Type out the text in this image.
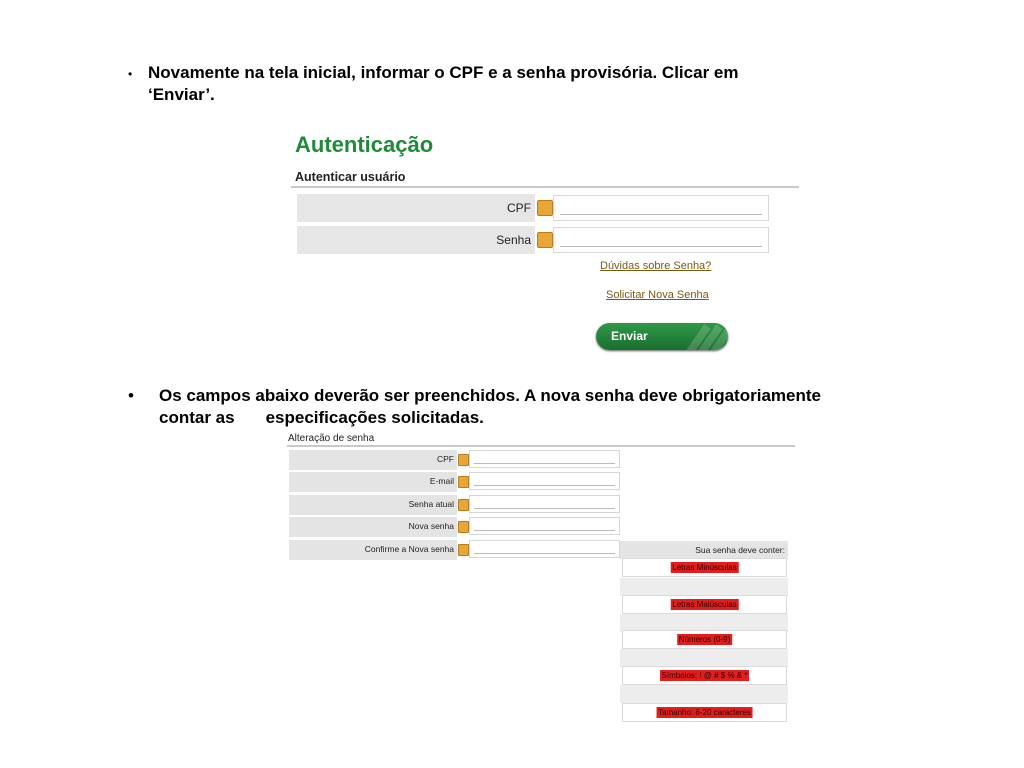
• Novamente na tela inicial, informar o CPF e a senha provisória. Clicar em
‘Enviar’.
Autenticação
Autenticar usuário
CPF
Senha
Dúvidas sobre Senha?
Solicitar Nova Senha
Enviar
• Os campos abaixo deverão ser preenchidos. A nova senha deve obrigatoriamente
contar as especificações solicitadas.
Alteração de senha
CPF
E-mail
Senha atual
Nova senha
Confirme a Nova senha	Sua senha deve conter:
Letras Minúsculas
Letras Maiúsculas
Números (0-9)
Símbolos: ! @ # $ % & *
Tamanho: 6-20 caracteres
